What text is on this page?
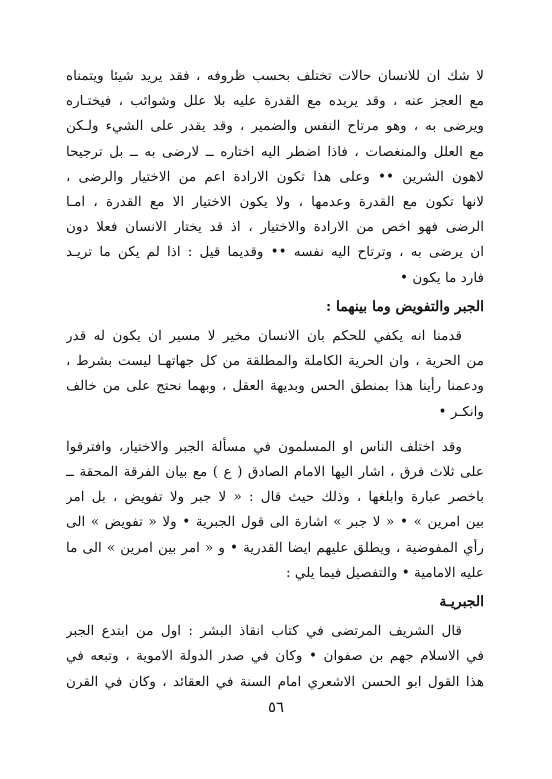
لا شك ان للانسان حالات تختلف بحسب ظروفه ، فقد يريد شيئا ويتمناه
مع العجز عنه ، وقد يريده مع القدرة عليه بلا علل وشوائب ، فيختـاره
ويرضى به ، وهو مرتاح النفس والضمير ، وقد يقدر على الشيء ولـكن
مع العلل والمنغصات ، فاذا اضطر اليه اختاره ــ لارضى به ــ بل ترجيحا
لاهون الشرين •• وعلى هذا تكون الارادة اعم من الاختيار والرضى ،
لانها تكون مع القدرة وعدمها ، ولا يكون الاختيار الا مع القدرة ، امـا
الرضى فهو اخص من الارادة والاختيار ، اذ قد يختار الانسان فعلا دون
ان يرضى به ، وترتاح اليه نفسه •• وقديما قيل : اذا لم يكن ما تريـد
فارد ما يكون •
الجبر والتفويض وما بينهما :
قدمنا انه يكفي للحكم بان الانسان مخير لا مسير ان يكون له قدر
من الحرية ، وان الحرية الكاملة والمطلقة من كل جهاتهـا ليست بشرط ،
ودعمنا رأينا هذا بمنطق الحس وبديهة العقل ، وبهما نحتج على من خالف
وانكـر •
وقد اختلف الناس او المسلمون في مسألة الجبر والاختيار، وافترقوا
على ثلاث فرق ، اشار اليها الامام الصادق ( ع ) مع بيان الفرقة المحقة ــ
باخصر عبارة وابلغها ، وذلك حيث قال : « لا جبر ولا تفويض ، بل امر
بين امرين » • « لا جبر » اشارة الى قول الجبرية • ولا « تفويض » الى
رأي المفوضية ، ويطلق عليهم ايضا القدرية • و « امر بين امرين » الى ما
عليه الامامية • والتفصيل فيما يلي :
الجبريـة
قال الشريف المرتضى في كتاب انقاذ البشر : اول من ابتدع الجبر
في الاسلام جهم بن صفوان • وكان في صدر الدولة الاموية ، وتبعه في
هذا القول ابو الحسن الاشعري امام السنة في العقائد ، وكان في القرن
٥٦
